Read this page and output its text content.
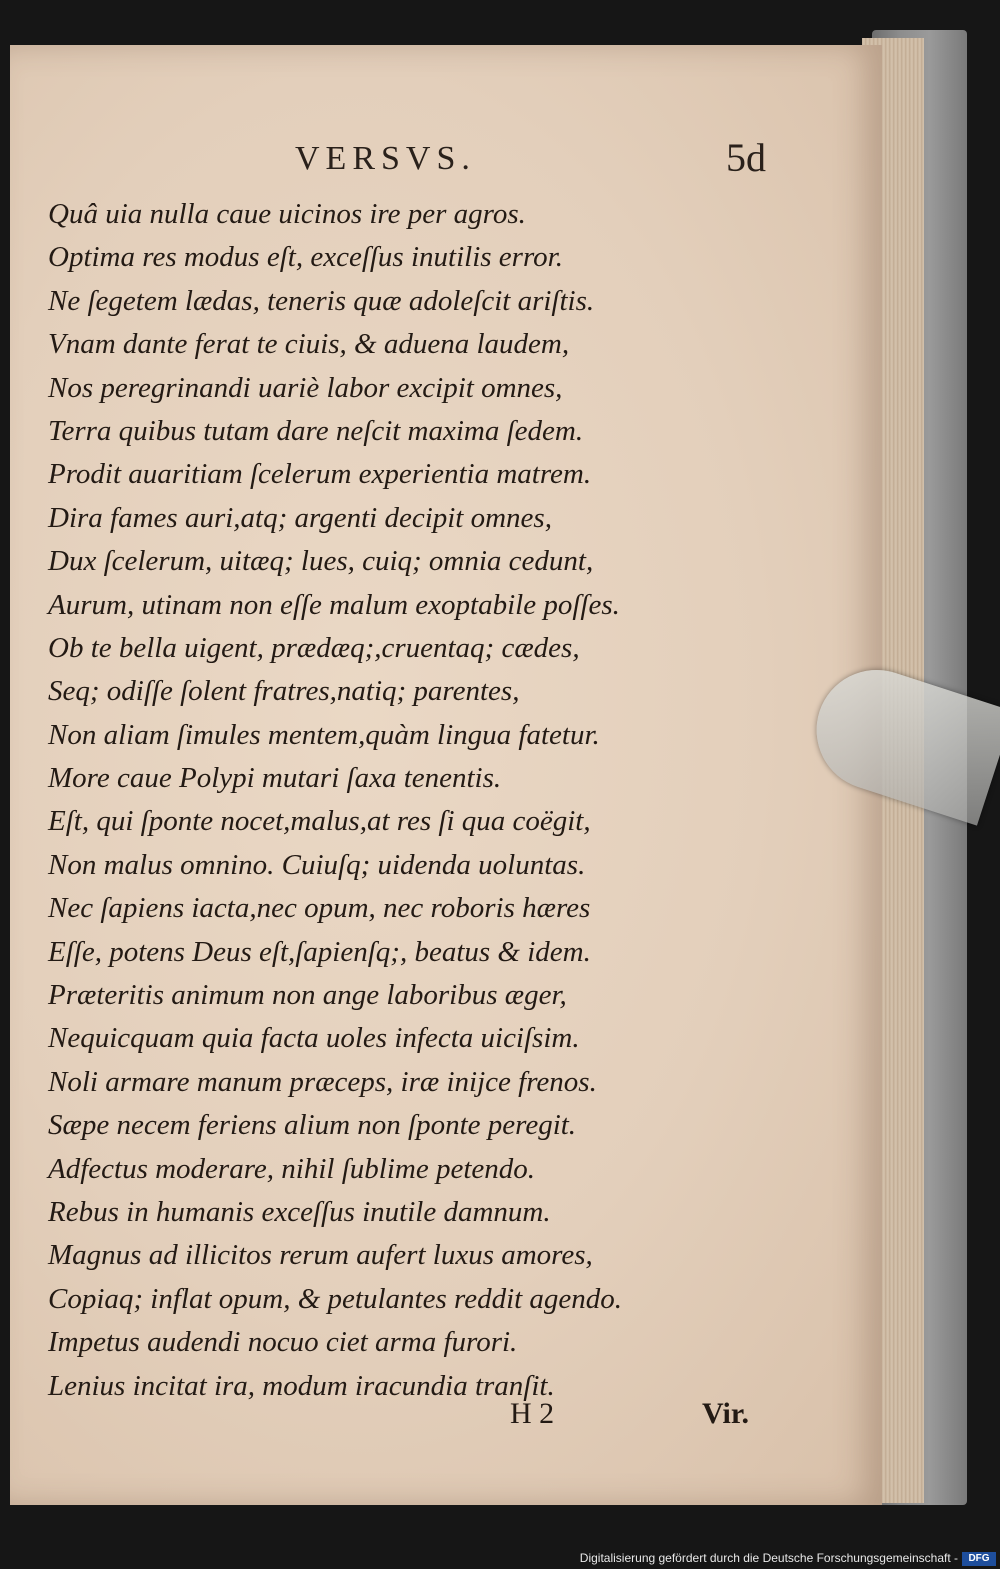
VERSVS.	5d
Quâ uia nulla caue uicinos ire per agros.
Optima res modus eſt, exceſſus inutilis error.
Ne ſegetem lædas, teneris quæ adoleſcit ariſtis.
Vnam dante ferat te ciuis, & aduena laudem,
Nos peregrinandi uariè labor excipit omnes,
Terra quibus tutam dare neſcit maxima ſedem.
Prodit auaritiam ſcelerum experientia matrem.
Dira fames auri,atq; argenti decipit omnes,
Dux ſcelerum, uitæq; lues, cuiq; omnia cedunt,
Aurum, utinam non eſſe malum exoptabile poſſes.
Ob te bella uigent, prædæq;,cruentaq; cædes,
Seq; odiſſe ſolent fratres,natiq; parentes,
Non aliam ſimules mentem,quàm lingua fatetur.
More caue Polypi mutari ſaxa tenentis.
Eſt, qui ſponte nocet,malus,at res ſi qua coëgit,
Non malus omnino. Cuiuſq; uidenda uoluntas.
Nec ſapiens iacta,nec opum, nec roboris hæres
Eſſe, potens Deus eſt,ſapienſq;, beatus & idem.
Præteritis animum non ange laboribus æger,
Nequicquam quia facta uoles infecta uiciſsim.
Noli armare manum præceps, iræ inijce frenos.
Sæpe necem feriens alium non ſponte peregit.
Adfectus moderare, nihil ſublime petendo.
Rebus in humanis exceſſus inutile damnum.
Magnus ad illicitos rerum aufert luxus amores,
Copiaq; inflat opum, & petulantes reddit agendo.
Impetus audendi nocuo ciet arma furori.
Lenius incitat ira, modum iracundia tranſit.
H 2	Vir.
Digitalisierung gefördert durch die Deutsche Forschungsgemeinschaft -	DFG
